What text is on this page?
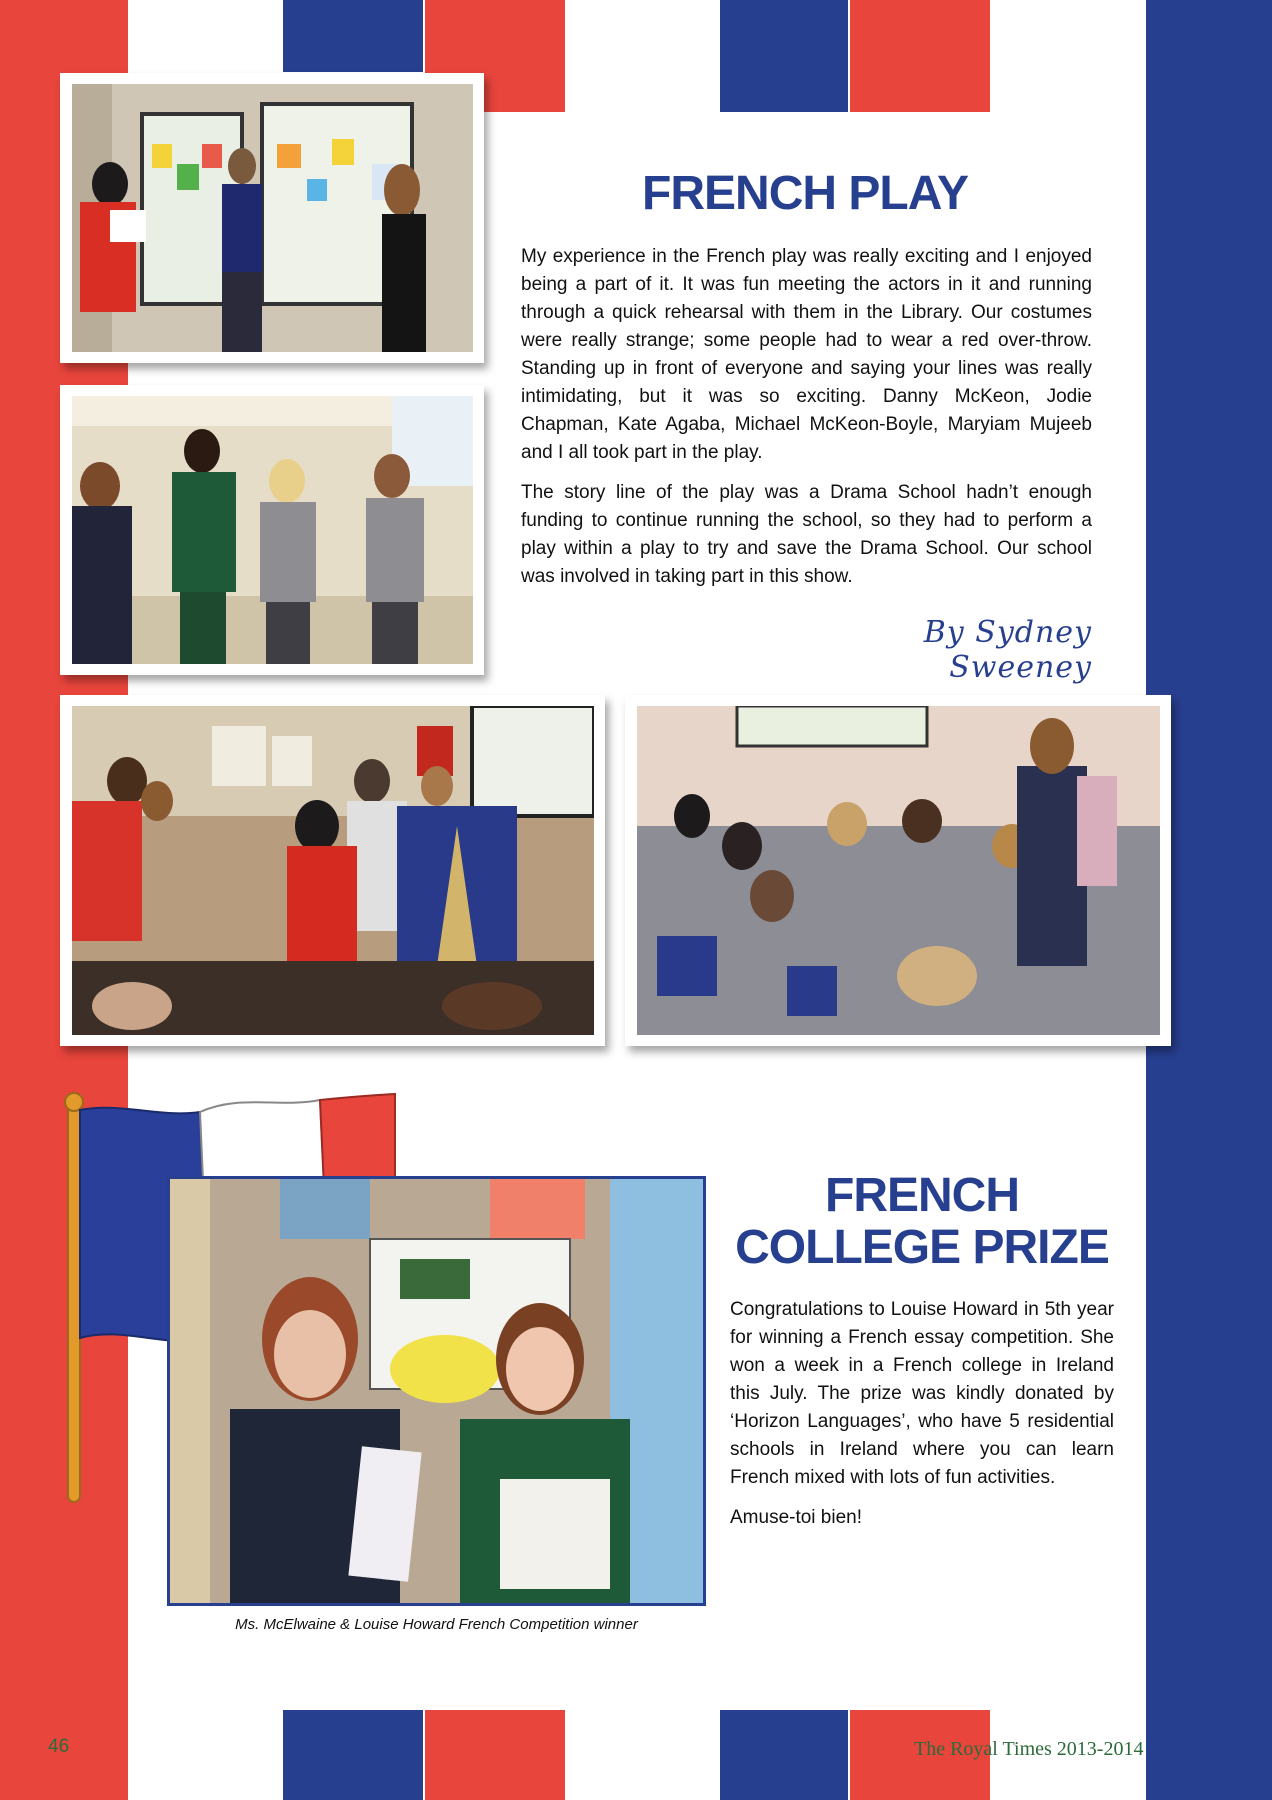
FRENCH PLAY

My experience in the French play was really exciting and I enjoyed being a part of it. It was fun meeting the actors in it and running through a quick rehearsal with them in the Library. Our costumes were really strange; some people had to wear a red over-throw. Standing up in front of everyone and saying your lines was really intimidating, but it was so exciting. Danny McKeon, Jodie Chapman, Kate Agaba, Michael McKeon-Boyle, Maryiam Mujeeb and I all took part in the play.

The story line of the play was a Drama School hadn’t enough funding to continue running the school, so they had to perform a play within a play to try and save the Drama School. Our school was involved in taking part in this show.

By Sydney Sweeney
Ms. McElwaine & Louise Howard French Competition winner
FRENCH
COLLEGE PRIZE

Congratulations to Louise Howard in 5th year for winning a French essay competition. She won a week in a French college in Ireland this July. The prize was kindly donated by ‘Horizon Languages’, who have 5 residential schools in Ireland where you can learn French mixed with lots of fun activities.

Amuse-toi bien!

46	The Royal Times 2013-2014
